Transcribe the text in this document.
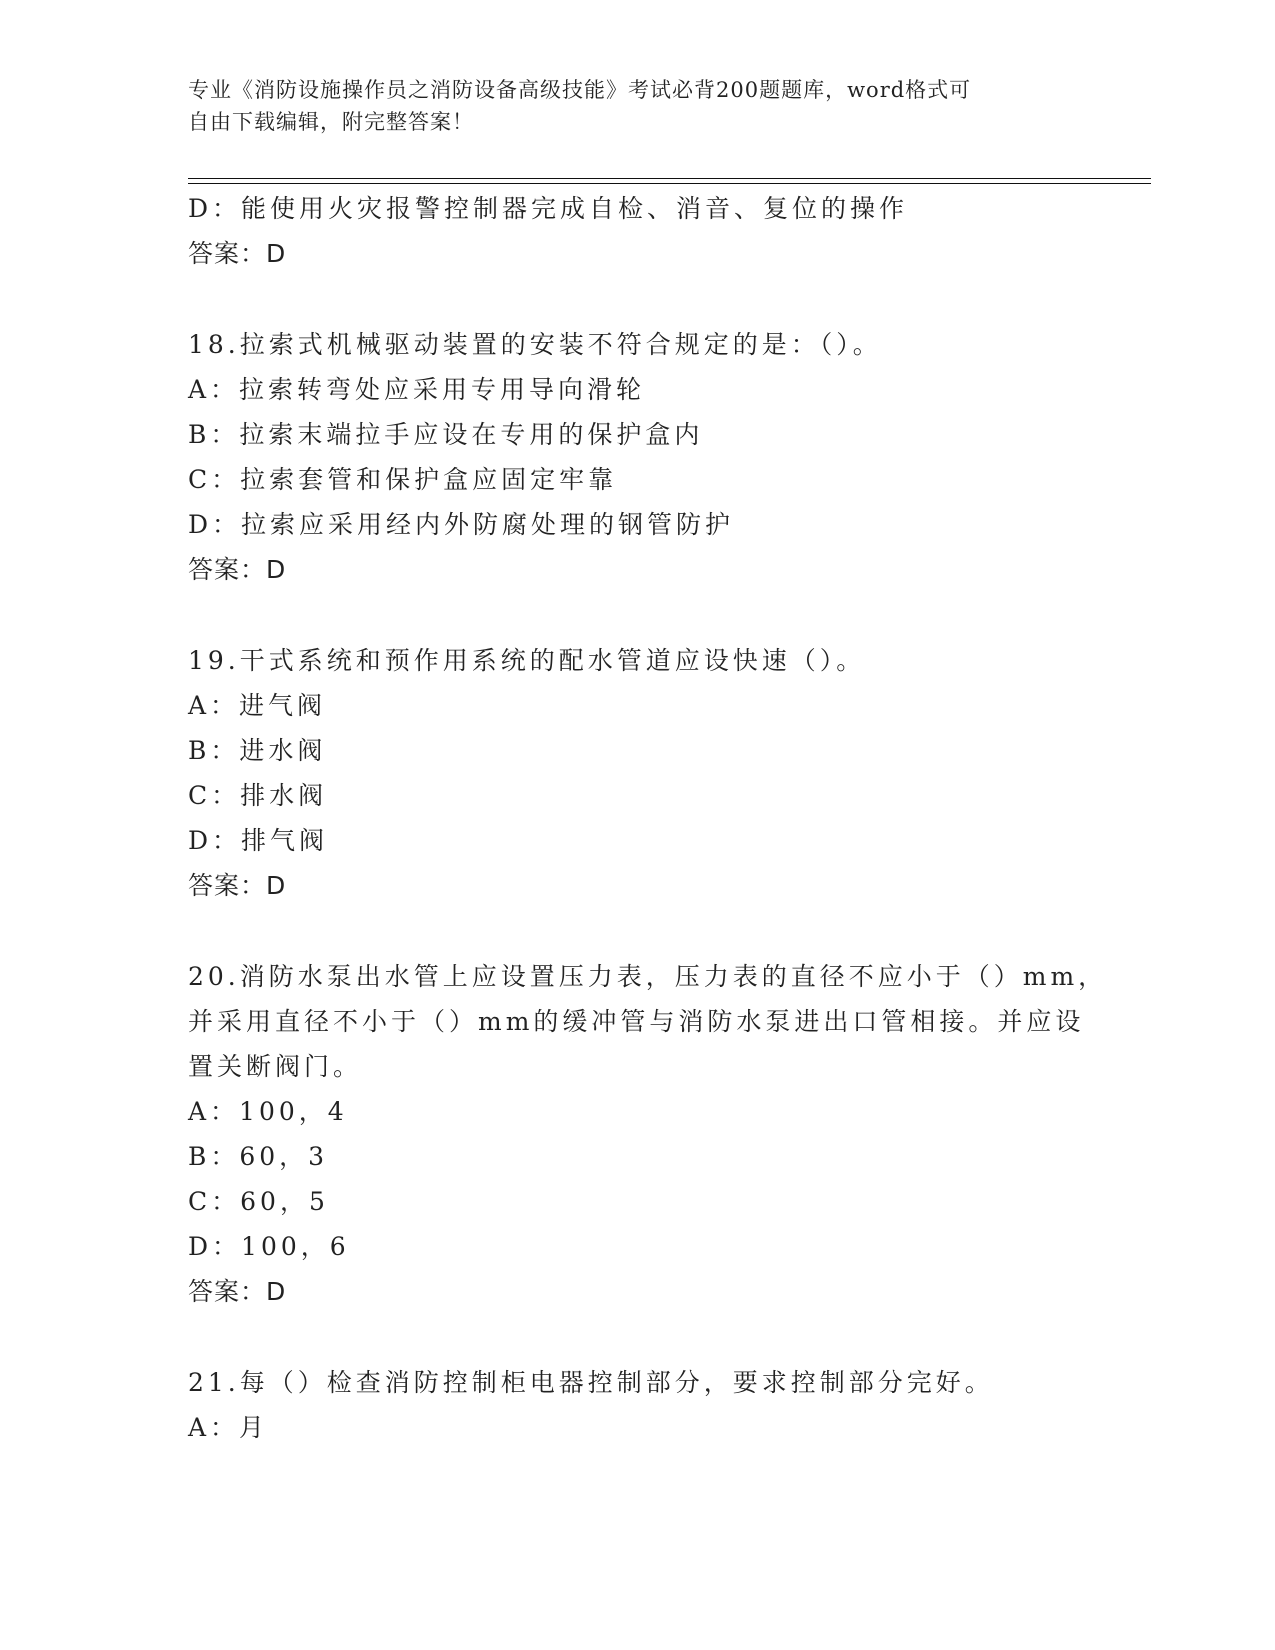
专业《消防设施操作员之消防设备高级技能》考试必背200题题库，word格式可
自由下载编辑，附完整答案！
D：能使用火灾报警控制器完成自检、消音、复位的操作
答案：D
18.拉索式机械驱动装置的安装不符合规定的是：（）。
A：拉索转弯处应采用专用导向滑轮
B：拉索末端拉手应设在专用的保护盒内
C：拉索套管和保护盒应固定牢靠
D：拉索应采用经内外防腐处理的钢管防护
答案：D
19.干式系统和预作用系统的配水管道应设快速（）。
A：进气阀
B：进水阀
C：排水阀
D：排气阀
答案：D
20.消防水泵出水管上应设置压力表，压力表的直径不应小于（）mm，
并采用直径不小于（）mm的缓冲管与消防水泵进出口管相接。并应设
置关断阀门。
A：100，4
B：60，3
C：60，5
D：100，6
答案：D
21.每（）检查消防控制柜电器控制部分，要求控制部分完好。
A：月
